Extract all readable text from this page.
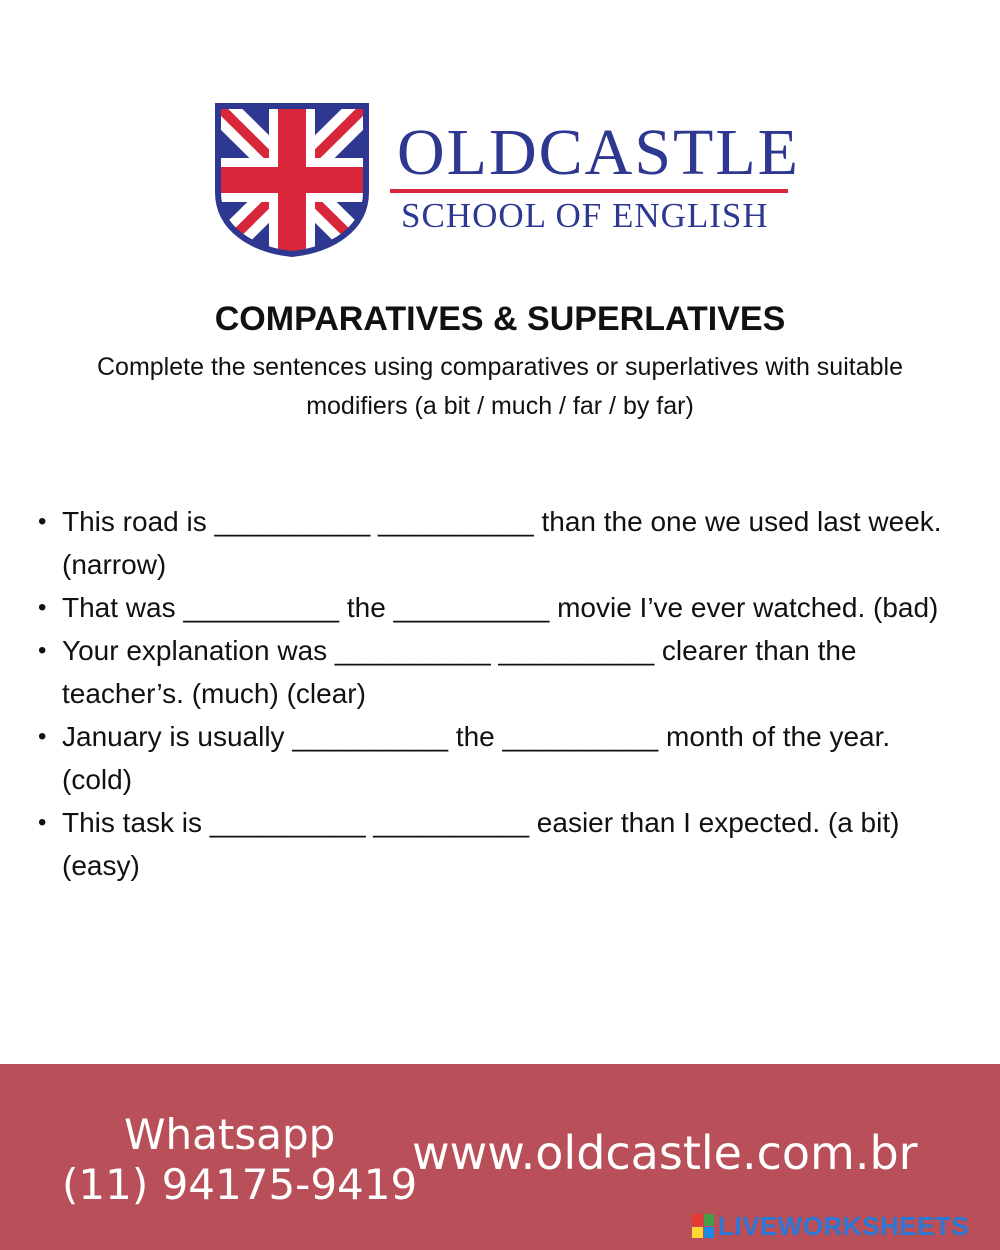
OLDCASTLE
SCHOOL OF ENGLISH
COMPARATIVES & SUPERLATIVES

Complete the sentences using comparatives or superlatives with suitable
modifiers (a bit / much / far / by far)

• This road is __________ __________ than the one we used last week. (narrow)
• That was __________ the __________ movie I’ve ever watched. (bad)
• Your explanation was __________ __________ clearer than the teacher’s. (much) (clear)
• January is usually __________ the __________ month of the year. (cold)
• This task is __________ __________ easier than I expected. (a bit) (easy)
Whatsapp
(11) 94175-9419
www.oldcastle.com.br
LIVEWORKSHEETS
